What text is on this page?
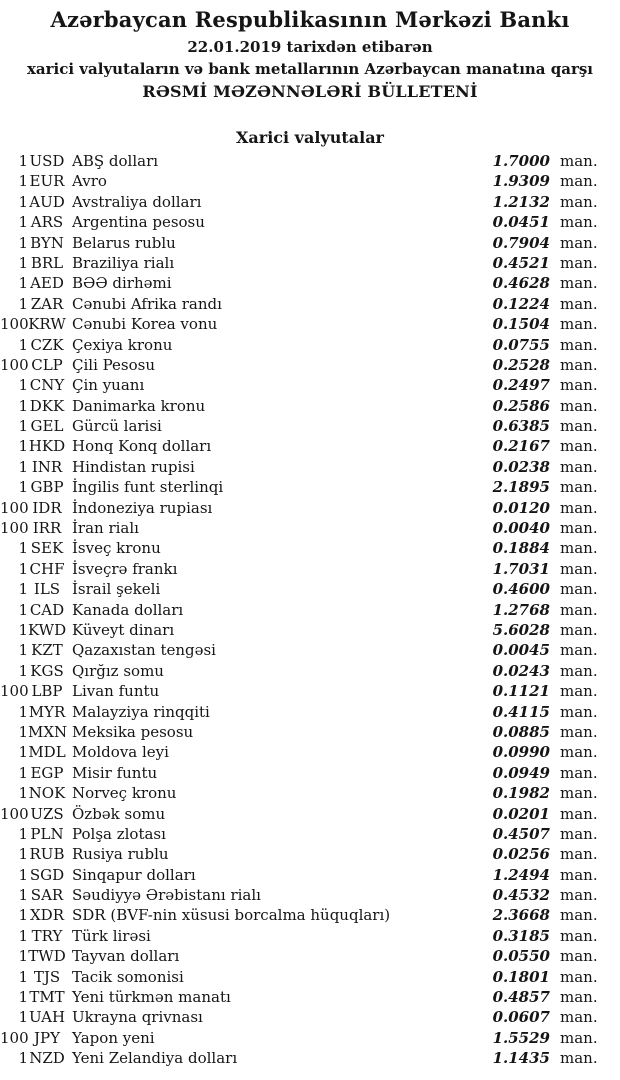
Azərbaycan Respublikasının Mərkəzi Bankı
22.01.2019 tarixdən etibarən
xarici valyutaların və bank metallarının Azərbaycan manatına qarşı
RƏSMİ MƏZƏNNƏLƏRİ BÜLLETENİ
Xarici valyutalar
1 USD ABŞ dolları	1.7000 man.
1 EUR Avro	1.9309 man.
1 AUD Avstraliya dolları	1.2132 man.
1 ARS Argentina pesosu	0.0451 man.
1 BYN Belarus rublu	0.7904 man.
1 BRL Braziliya rialı	0.4521 man.
1 AED BƏƏ dirhəmi	0.4628 man.
1 ZAR Cənubi Afrika randı	0.1224 man.
100 KRW Cənubi Korea vonu	0.1504 man.
1 CZK Çexiya kronu	0.0755 man.
100 CLP Çili Pesosu	0.2528 man.
1 CNY Çin yuanı	0.2497 man.
1 DKK Danimarka kronu	0.2586 man.
1 GEL Gürcü larisi	0.6385 man.
1 HKD Honq Konq dolları	0.2167 man.
1 INR Hindistan rupisi	0.0238 man.
1 GBP İngilis funt sterlinqi	2.1895 man.
100 IDR İndoneziya rupiası	0.0120 man.
100 IRR İran rialı	0.0040 man.
1 SEK İsveç kronu	0.1884 man.
1 CHF İsveçrə frankı	1.7031 man.
1 ILS İsrail şekeli	0.4600 man.
1 CAD Kanada dolları	1.2768 man.
1 KWD Küveyt dinarı	5.6028 man.
1 KZT Qazaxıstan tengəsi	0.0045 man.
1 KGS Qırğız somu	0.0243 man.
100 LBP Livan funtu	0.1121 man.
1 MYR Malayziya rinqqiti	0.4115 man.
1 MXN Meksika pesosu	0.0885 man.
1 MDL Moldova leyi	0.0990 man.
1 EGP Misir funtu	0.0949 man.
1 NOK Norveç kronu	0.1982 man.
100 UZS Özbək somu	0.0201 man.
1 PLN Polşa zlotası	0.4507 man.
1 RUB Rusiya rublu	0.0256 man.
1 SGD Sinqapur dolları	1.2494 man.
1 SAR Səudiyyə Ərəbistanı rialı	0.4532 man.
1 XDR SDR (BVF-nin xüsusi borcalma hüquqları)	2.3668 man.
1 TRY Türk lirəsi	0.3185 man.
1 TWD Tayvan dolları	0.0550 man.
1 TJS Tacik somonisi	0.1801 man.
1 TMT Yeni türkmən manatı	0.4857 man.
1 UAH Ukrayna qrivnası	0.0607 man.
100 JPY Yapon yeni	1.5529 man.
1 NZD Yeni Zelandiya dolları	1.1435 man.
